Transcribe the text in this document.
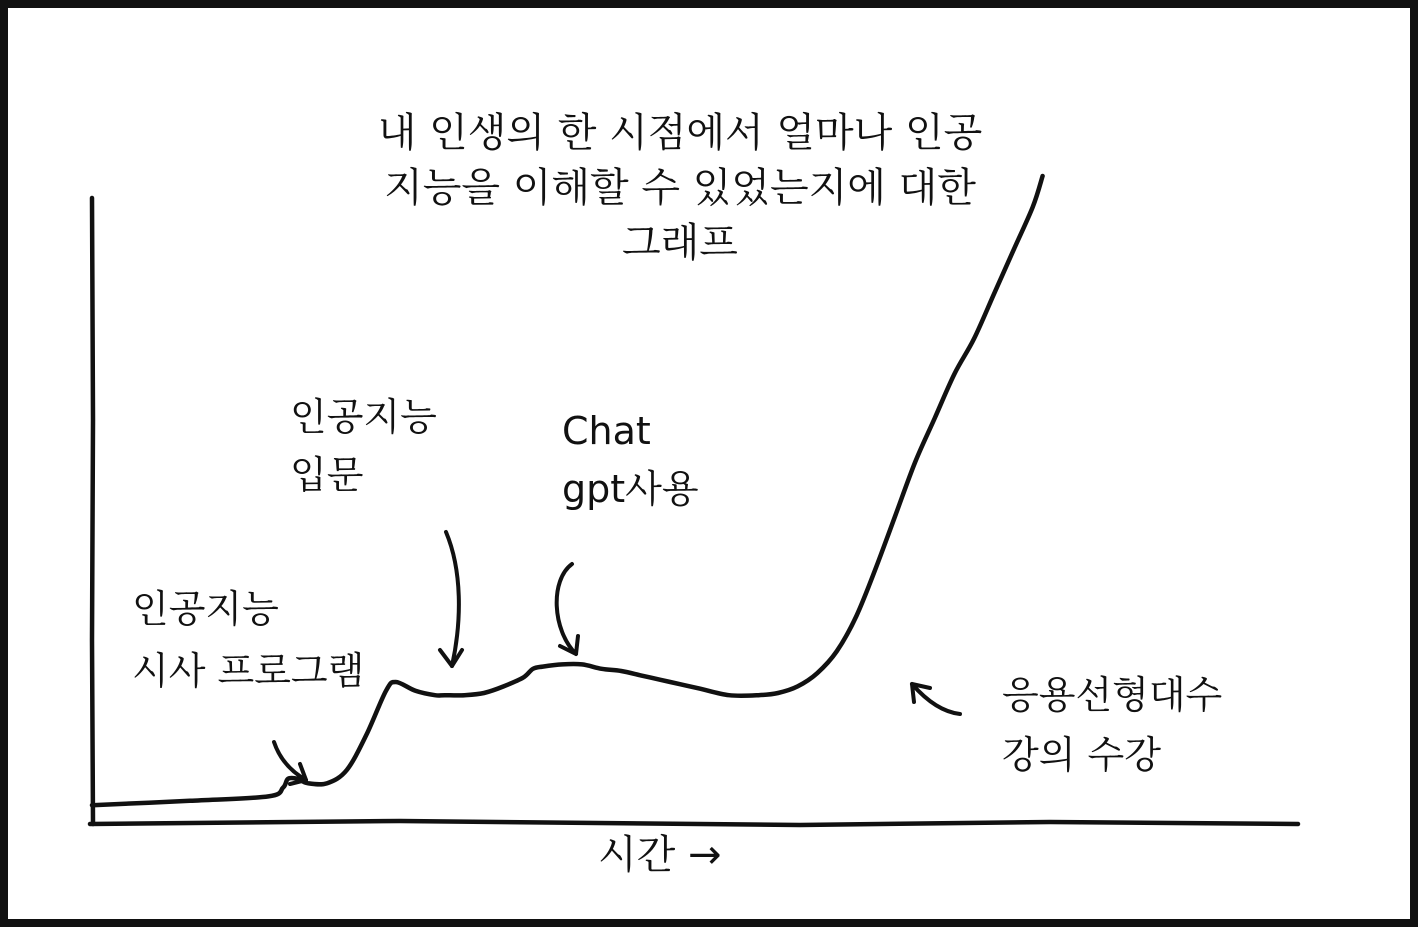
내 인생의 한 시점에서 얼마나 인공
지능을 이해할 수 있었는지에 대한
그래프
시간 →
인공지능
시사 프로그램
인공지능
입문
Chat
gpt사용
응용선형대수
강의 수강
